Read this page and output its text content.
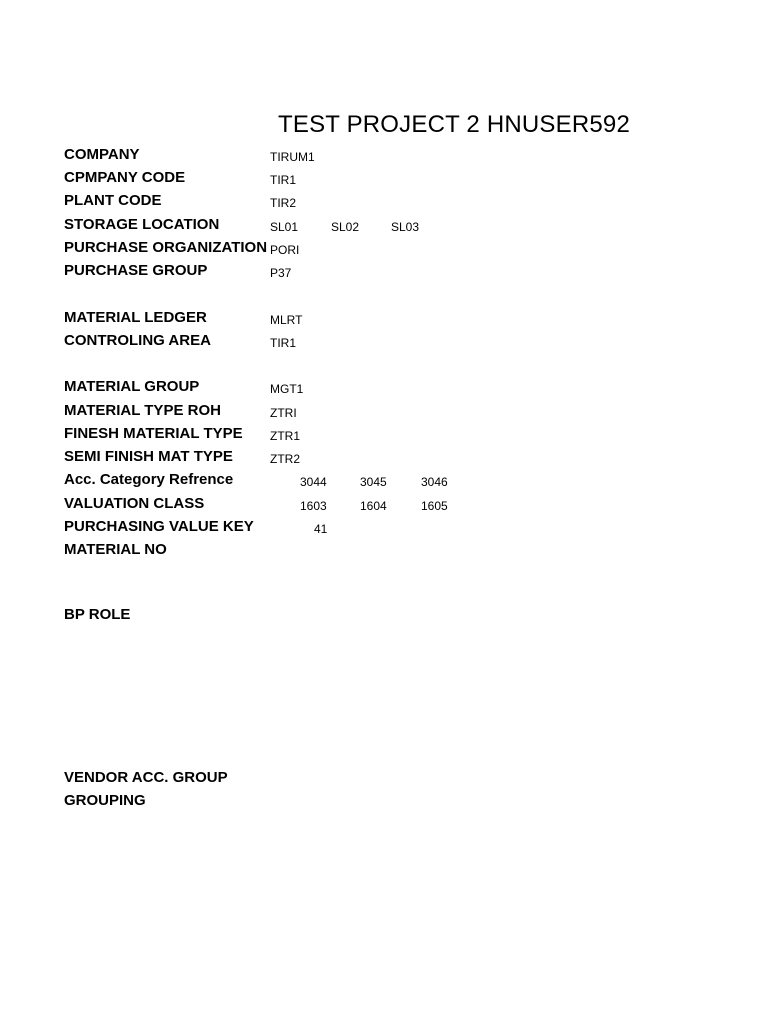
TEST PROJECT 2 HNUSER592
COMPANY	TIRUM1
CPMPANY CODE	TIR1
PLANT CODE	TIR2
STORAGE LOCATION	SL01	SL02	SL03
PURCHASE ORGANIZATION PORI
PURCHASE GROUP	P37
MATERIAL LEDGER	MLRT
CONTROLING AREA	TIR1
MATERIAL GROUP	MGT1
MATERIAL TYPE ROH	ZTRI
FINESH MATERIAL TYPE ZTR1
SEMI FINISH MAT TYPE	ZTR2
Acc. Category Refrence	3044	3045	3046
VALUATION CLASS	1603	1604	1605
PURCHASING VALUE KEY	41
MATERIAL NO
BP ROLE
VENDOR ACC. GROUP
GROUPING
